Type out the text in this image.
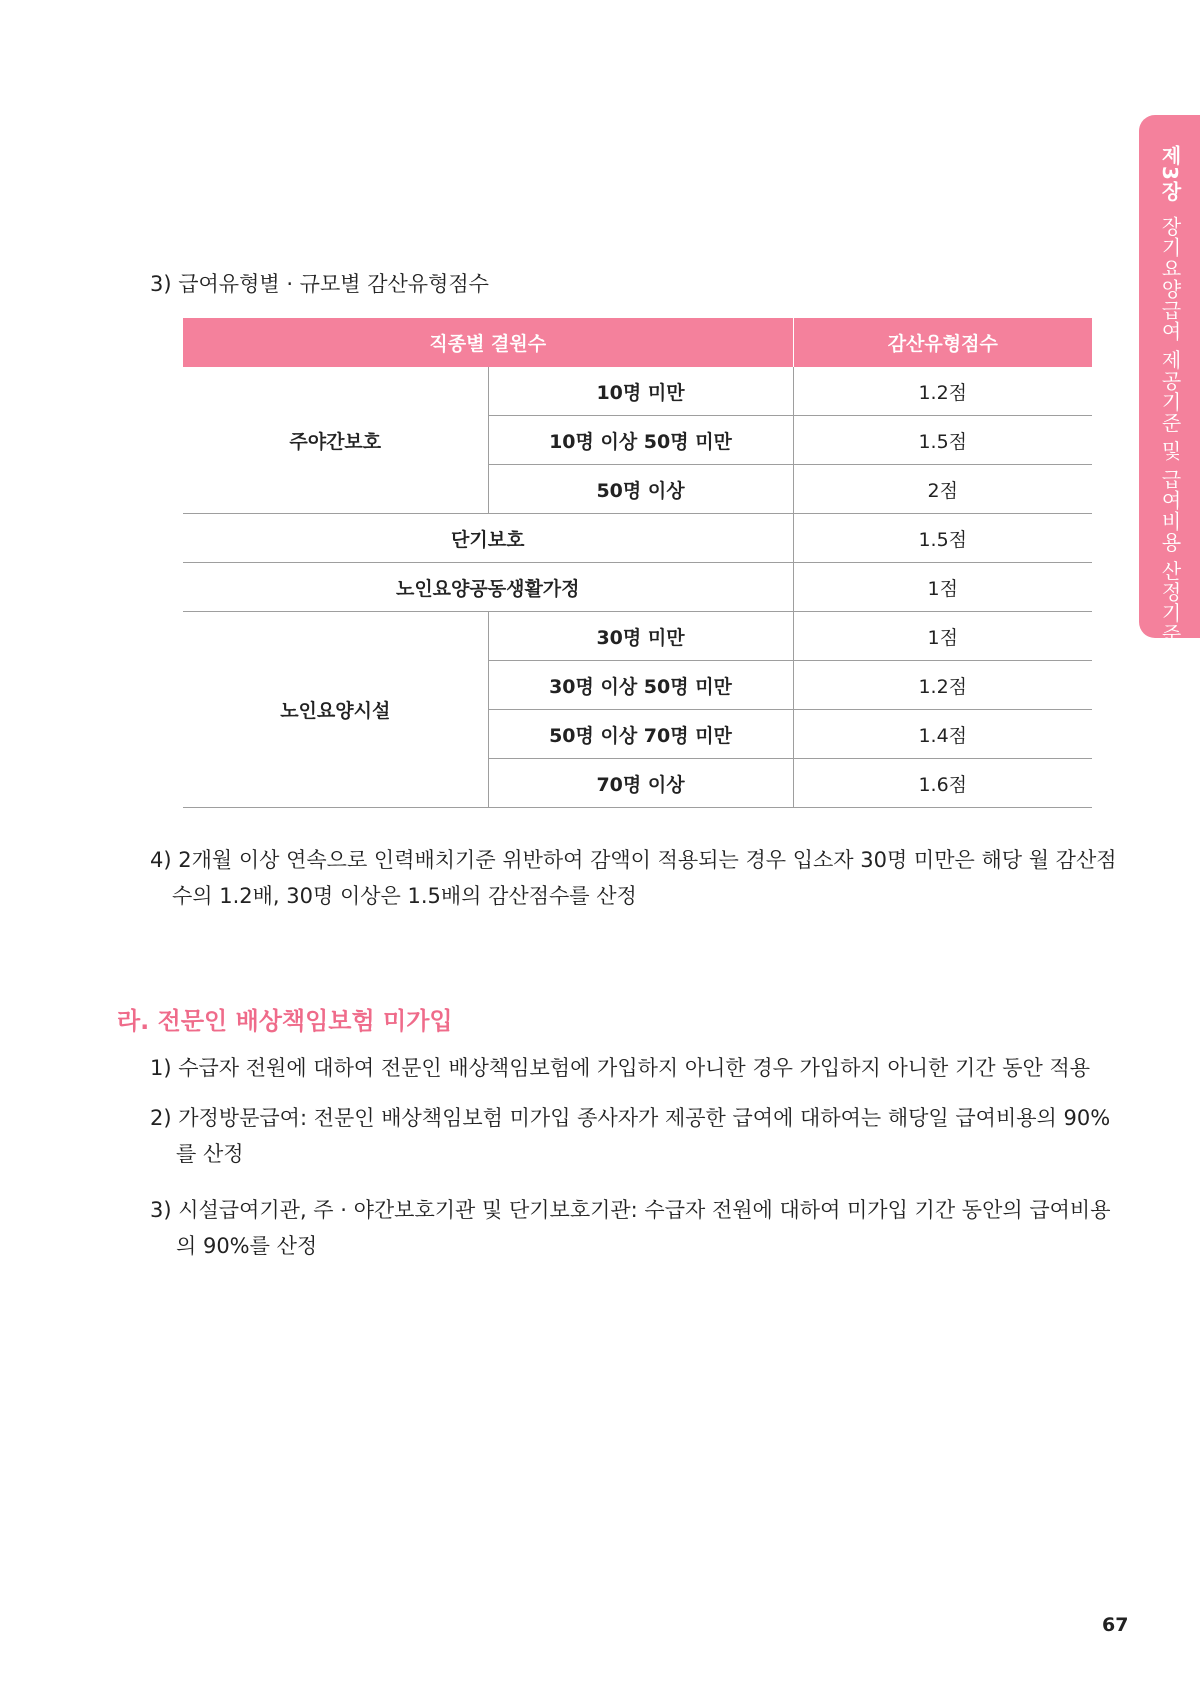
제3장장기요양급여 제공기준 및 급여비용 산정기준
3) 급여유형별 · 규모별 감산유형점수
직종별 결원수		감산유형점수
주야간보호	10명 미만	1.2점
	10명 이상 50명 미만	1.5점
	50명 이상	2점
단기보호		1.5점
노인요양공동생활가정		1점
노인요양시설	30명 미만	1점
	30명 이상 50명 미만	1.2점
	50명 이상 70명 미만	1.4점
	70명 이상	1.6점
4) 2개월 이상 연속으로 인력배치기준 위반하여 감액이 적용되는 경우 입소자 30명 미만은 해당 월 감산점수의 1.2배, 30명 이상은 1.5배의 감산점수를 산정
라. 전문인 배상책임보험 미가입
1) 수급자 전원에 대하여 전문인 배상책임보험에 가입하지 아니한 경우 가입하지 아니한 기간 동안 적용
2) 가정방문급여: 전문인 배상책임보험 미가입 종사자가 제공한 급여에 대하여는 해당일 급여비용의 90%를 산정
3) 시설급여기관, 주 · 야간보호기관 및 단기보호기관: 수급자 전원에 대하여 미가입 기간 동안의 급여비용의 90%를 산정
67
